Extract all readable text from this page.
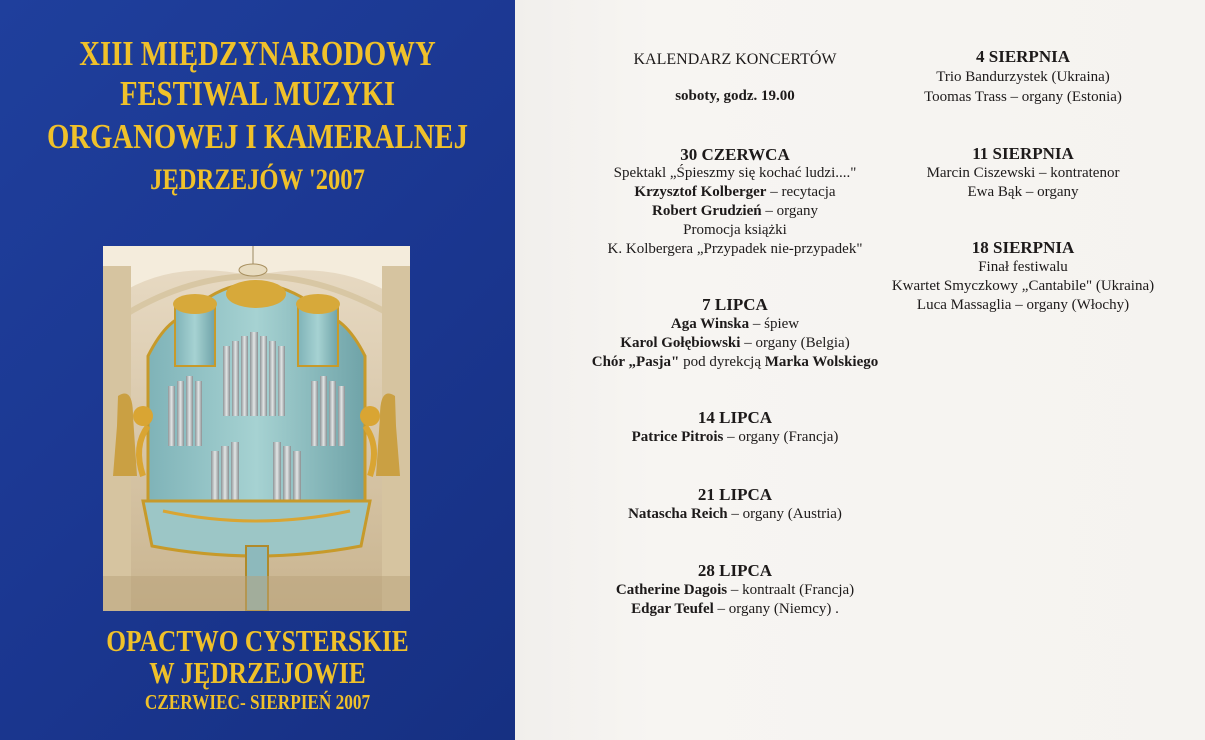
XIII MIĘDZYNARODOWY
FESTIWAL MUZYKI
ORGANOWEJ I KAMERALNEJ
JĘDRZEJÓW '2007
OPACTWO CYSTERSKIE
W JĘDRZEJOWIE
CZERWIEC- SIERPIEŃ 2007
KALENDARZ KONCERTÓW
soboty, godz. 19.00
30 CZERWCA
Spektakl „Śpieszmy się kochać ludzi...."
Krzysztof Kolberger – recytacja
Robert Grudzień – organy
Promocja książki
K. Kolbergera „Przypadek nie-przypadek"
7 LIPCA
Aga Winska – śpiew
Karol Gołębiowski – organy (Belgia)
Chór „Pasja" pod dyrekcją Marka Wolskiego
14 LIPCA
Patrice Pitrois – organy (Francja)
21 LIPCA
Natascha Reich – organy (Austria)
28 LIPCA
Catherine Dagois – kontraalt (Francja)
Edgar Teufel – organy (Niemcy) .
4 SIERPNIA
Trio Bandurzystek (Ukraina)
Toomas Trass – organy (Estonia)
11 SIERPNIA
Marcin Ciszewski – kontratenor
Ewa Bąk – organy
18 SIERPNIA
Finał festiwalu
Kwartet Smyczkowy „Cantabile" (Ukraina)
Luca Massaglia – organy (Włochy)
